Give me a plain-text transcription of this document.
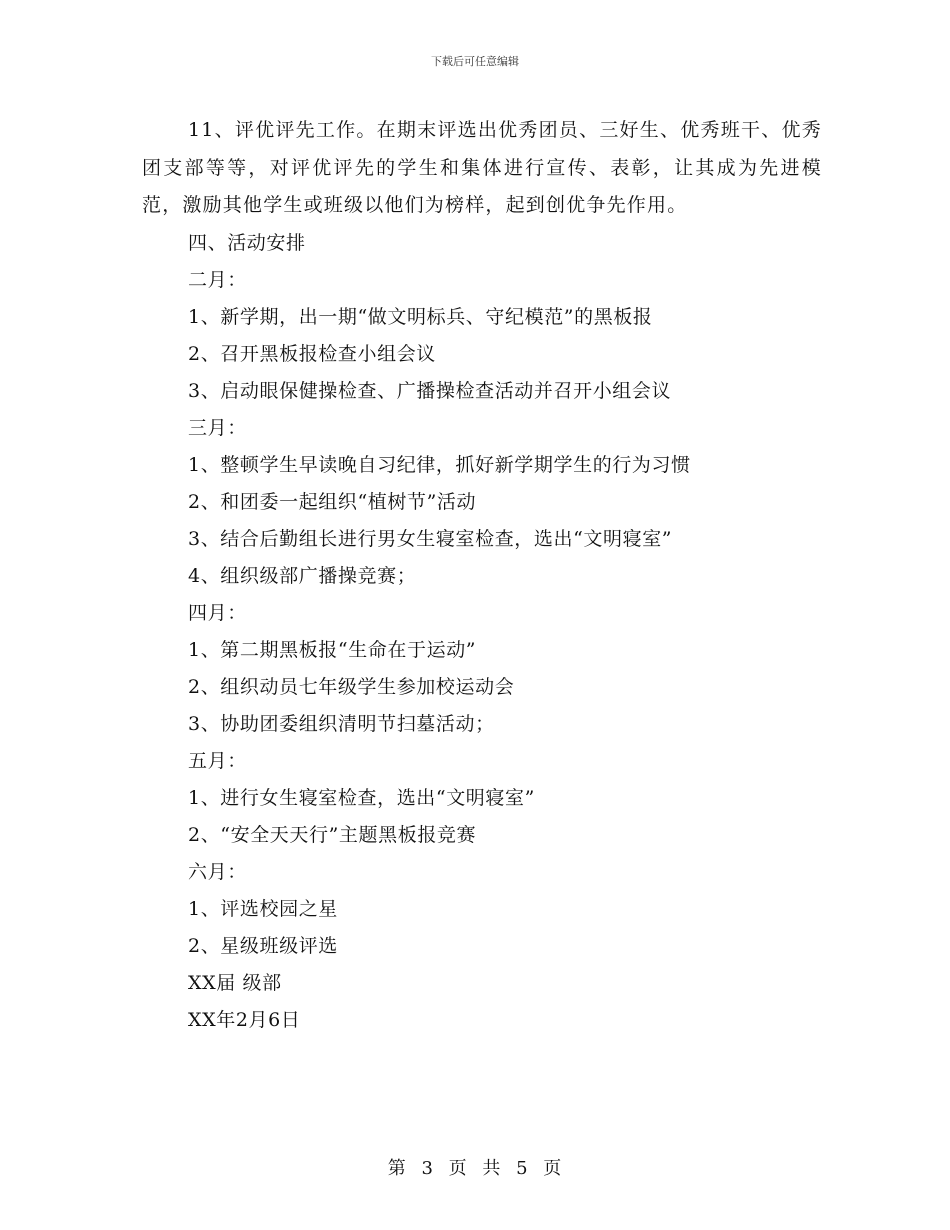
下载后可任意编辑

11、评优评先工作。在期末评选出优秀团员、三好生、优秀班干、优秀团支部等等，对评优评先的学生和集体进行宣传、表彰，让其成为先进模范，激励其他学生或班级以他们为榜样，起到创优争先作用。

四、活动安排

二月：

1、新学期，出一期“做文明标兵、守纪模范”的黑板报

2、召开黑板报检查小组会议

3、启动眼保健操检查、广播操检查活动并召开小组会议

三月：

1、整顿学生早读晚自习纪律，抓好新学期学生的行为习惯

2、和团委一起组织“植树节”活动

3、结合后勤组长进行男女生寝室检查，选出“文明寝室”

4、组织级部广播操竞赛；

四月：

1、第二期黑板报“生命在于运动”

2、组织动员七年级学生参加校运动会

3、协助团委组织清明节扫墓活动；

五月：

1、进行女生寝室检查，选出“文明寝室”

2、“安全天天行”主题黑板报竞赛

六月：

1、评选校园之星

2、星级班级评选

XX届 级部

XX年2月6日

第 3 页 共 5 页
